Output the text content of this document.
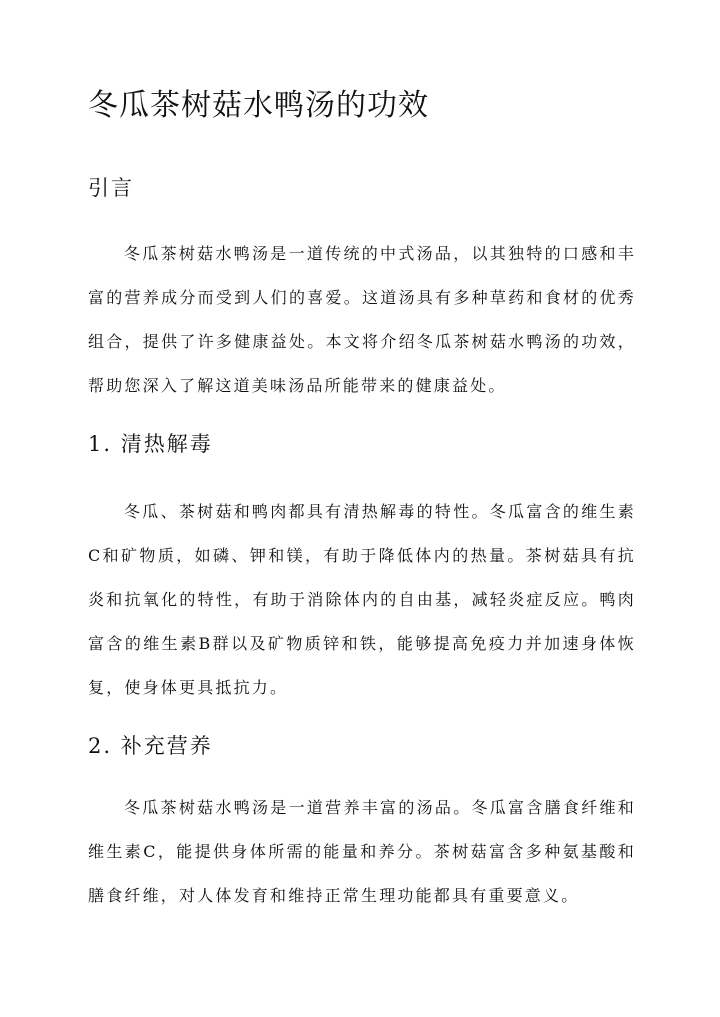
冬瓜茶树菇水鸭汤的功效
引言

冬瓜茶树菇水鸭汤是一道传统的中式汤品，以其独特的口感和丰富的营养成分而受到人们的喜爱。这道汤具有多种草药和食材的优秀组合，提供了许多健康益处。本文将介绍冬瓜茶树菇水鸭汤的功效，帮助您深入了解这道美味汤品所能带来的健康益处。

1. 清热解毒

冬瓜、茶树菇和鸭肉都具有清热解毒的特性。冬瓜富含的维生素C和矿物质，如磷、钾和镁，有助于降低体内的热量。茶树菇具有抗炎和抗氧化的特性，有助于消除体内的自由基，减轻炎症反应。鸭肉富含的维生素B群以及矿物质锌和铁，能够提高免疫力并加速身体恢复，使身体更具抵抗力。

2. 补充营养

冬瓜茶树菇水鸭汤是一道营养丰富的汤品。冬瓜富含膳食纤维和维生素C，能提供身体所需的能量和养分。茶树菇富含多种氨基酸和膳食纤维，对人体发育和维持正常生理功能都具有重要意义。
